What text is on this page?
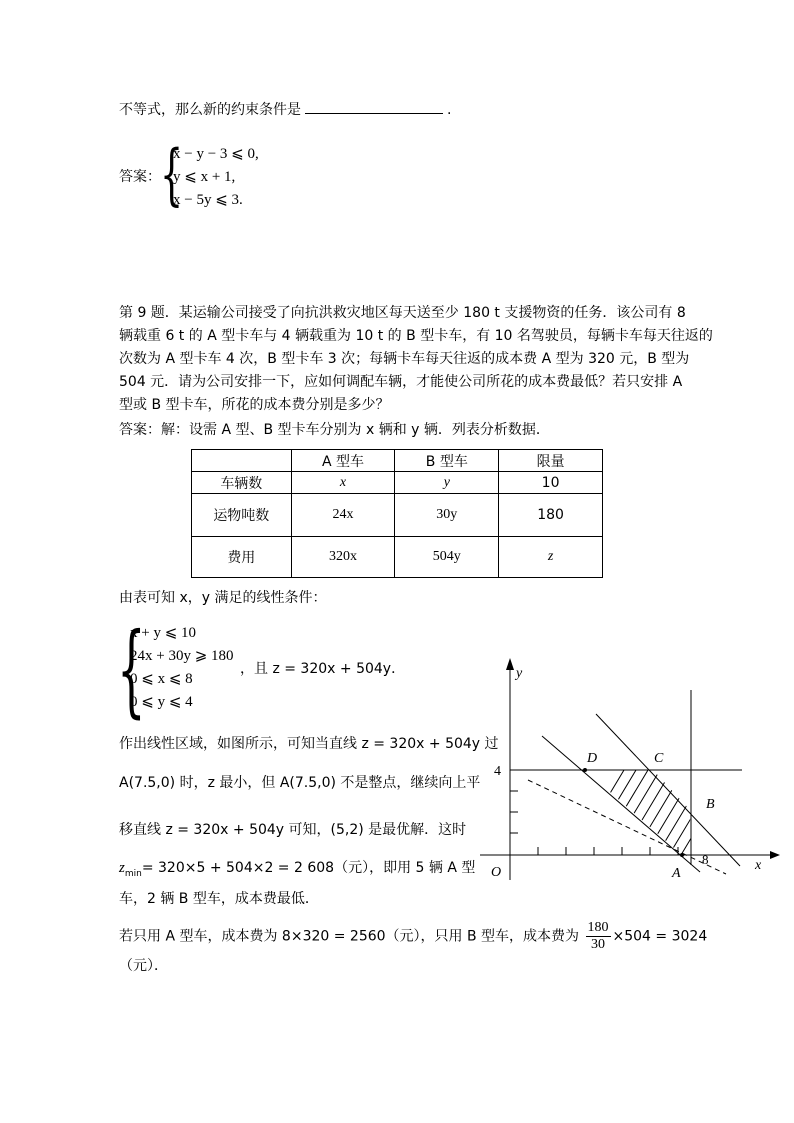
不等式，那么新的约束条件是	.
答案： {
x − y − 3 ⩽ 0,
y ⩽ x + 1,
x − 5y ⩽ 3.
第 9 题．某运输公司接受了向抗洪救灾地区每天送至少 180 t 支援物资的任务．该公司有 8
辆载重 6 t 的 A 型卡车与 4 辆载重为 10 t 的 B 型卡车，有 10 名驾驶员，每辆卡车每天往返的
次数为 A 型卡车 4 次，B 型卡车 3 次；每辆卡车每天往返的成本费 A 型为 320 元，B 型为
504 元．请为公司安排一下，应如何调配车辆，才能使公司所花的成本费最低？若只安排 A
型或 B 型卡车，所花的成本费分别是多少？
答案：解：设需 A 型、B 型卡车分别为 x 辆和 y 辆．列表分析数据．
	A 型车	B 型车	限量
车辆数	x	y	10
运物吨数	24x	30y	180
费用	320x	504y	z
由表可知 x，y 满足的线性条件：
{
x + y ⩽ 10
24x + 30y ⩾ 180
0 ⩽ x ⩽ 8
0 ⩽ y ⩽ 4
，且 z = 320x + 504y．
作出线性区域，如图所示，可知当直线 z = 320x + 504y 过
A(7.5,0) 时，z 最小，但 A(7.5,0) 不是整点，继续向上平
移直线 z = 320x + 504y 可知，(5,2) 是最优解．这时
$z_{min}= 320\times 5 + 504\times 2 = 2$ 608（元），即用 5 辆 A 型
车，2 辆 B 型车，成本费最低．
若只用 A 型车，成本费为 8×320 = 2560（元），只用 B 型车，成本费为 $\frac{180}{30} \times 504 = 3024$
（元）．
y
x
O	A
B
C
D
4
8
